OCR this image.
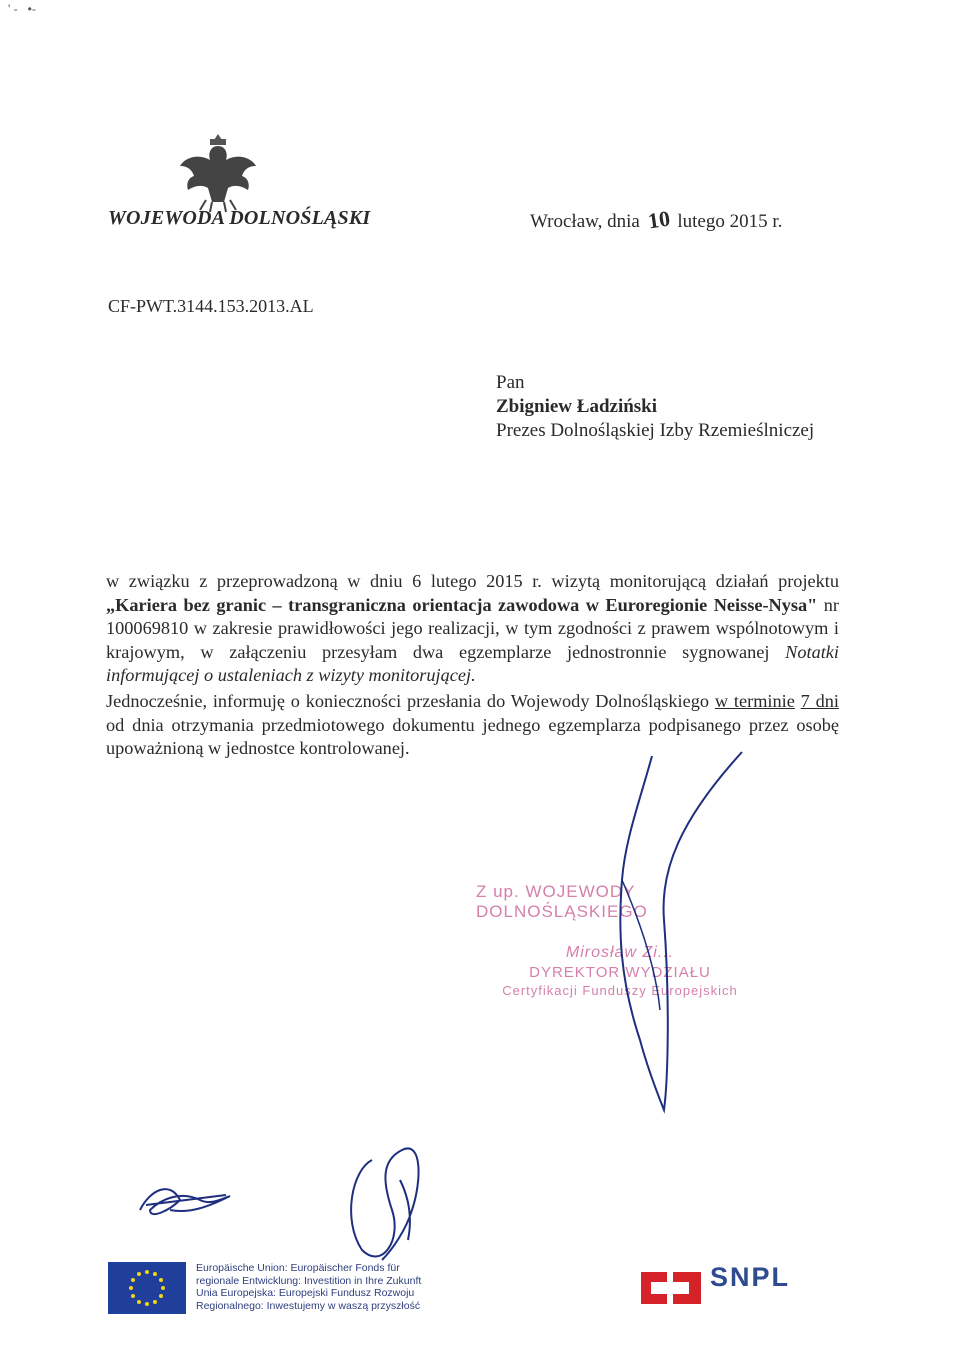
' -   •-
WOJEWODA DOLNOŚLĄSKI	Wrocław, dnia 10 lutego 2015 r.
CF-PWT.3144.153.2013.AL
Pan
Zbigniew Ładziński
Prezes Dolnośląskiej Izby Rzemieślniczej
w związku z przeprowadzoną w dniu 6 lutego 2015 r. wizytą monitorującą działań projektu „Kariera bez granic – transgraniczna orientacja zawodowa w Euroregionie Neisse-Nysa" nr 100069810 w zakresie prawidłowości jego realizacji, w tym zgodności z prawem wspólnotowym i krajowym, w załączeniu przesyłam dwa egzemplarze jednostronnie sygnowanej Notatki informującej o ustaleniach z wizyty monitorującej.
Jednocześnie, informuję o konieczności przesłania do Wojewody Dolnośląskiego w terminie 7 dni od dnia otrzymania przedmiotowego dokumentu jednego egzemplarza podpisanego przez osobę upoważnioną w jednostce kontrolowanej.
Z up. WOJEWODY DOLNOŚLĄSKIEGO
Mirosław Zi...
DYREKTOR WYDZIAŁU
Certyfikacji Funduszy Europejskich
Europäische Union: Europäischer Fonds für
regionale Entwicklung: Investition in Ihre Zukunft
Unia Europejska: Europejski Fundusz Rozwoju
Regionalnego: Inwestujemy w waszą przyszłość
SNPL
